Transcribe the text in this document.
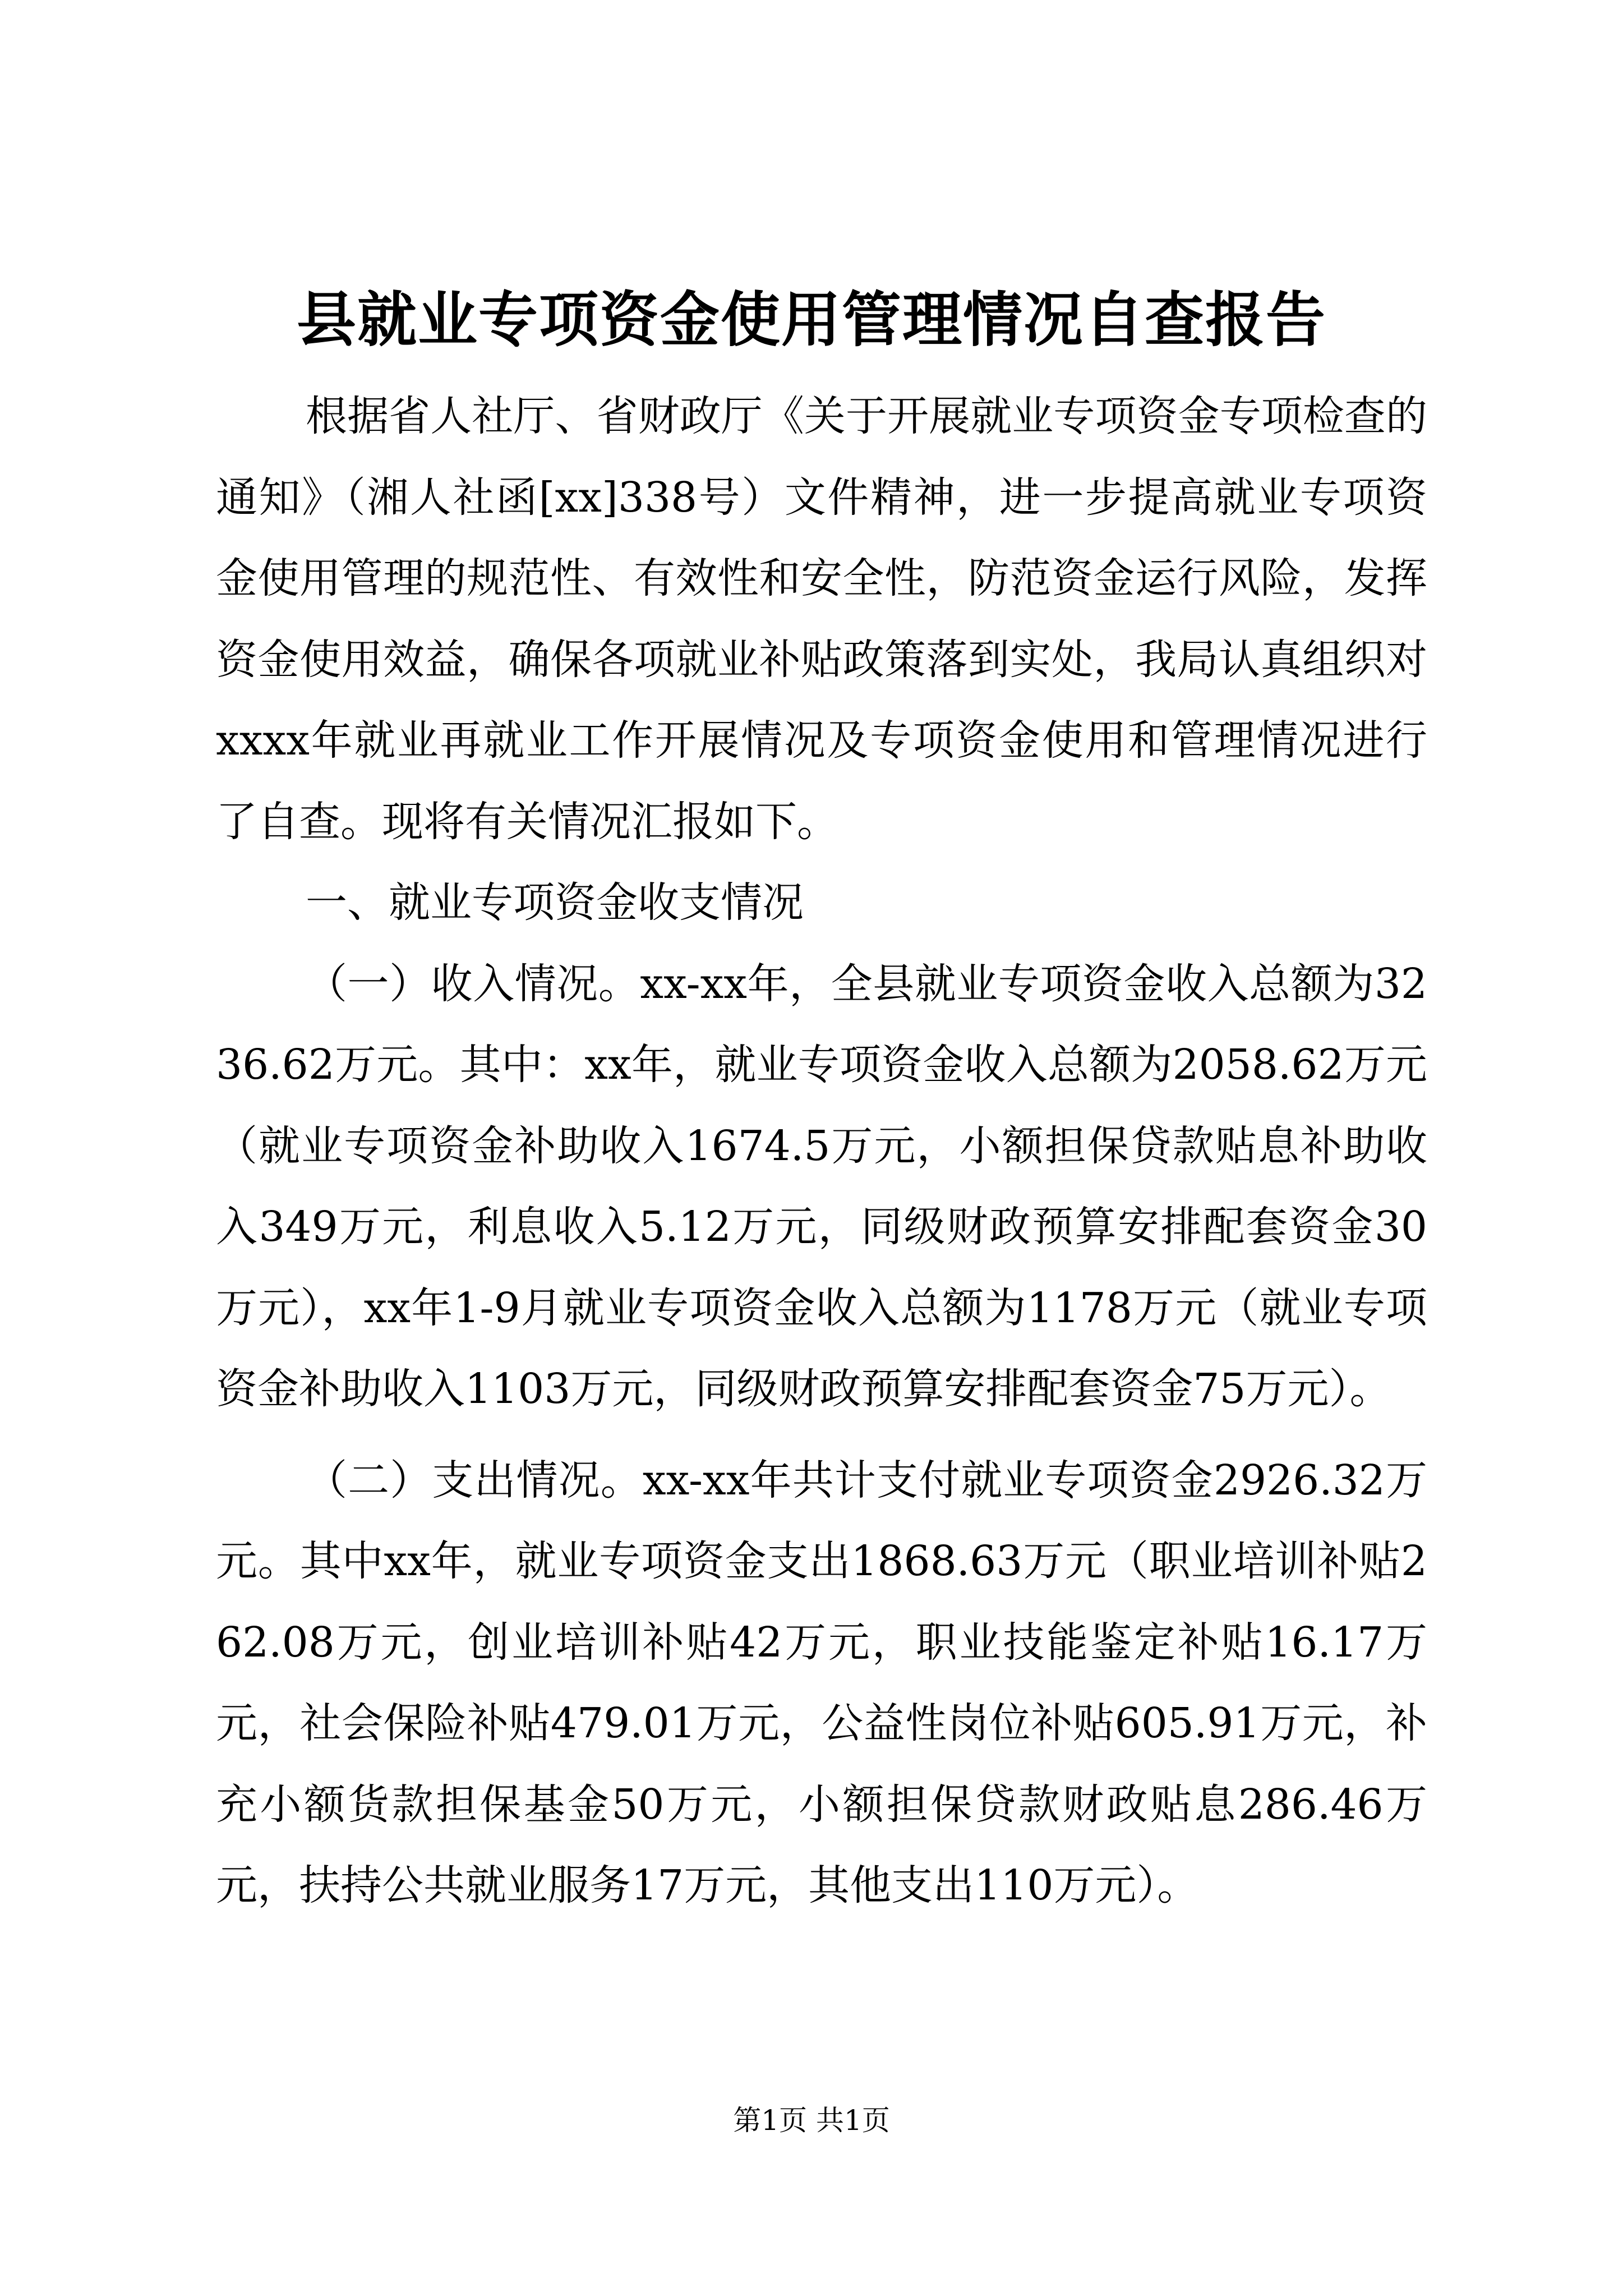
县就业专项资金使用管理情况自查报告

根据省人社厅、省财政厅《关于开展就业专项资金专项检查的通知》（湘人社函[xx]338号）文件精神，进一步提高就业专项资金使用管理的规范性、有效性和安全性，防范资金运行风险，发挥资金使用效益，确保各项就业补贴政策落到实处，我局认真组织对xxxx年就业再就业工作开展情况及专项资金使用和管理情况进行了自查。现将有关情况汇报如下。

一、就业专项资金收支情况

（一）收入情况。xx-xx年，全县就业专项资金收入总额为3236.62万元。其中：xx年，就业专项资金收入总额为2058.62万元（就业专项资金补助收入1674.5万元，小额担保贷款贴息补助收入349万元，利息收入5.12万元，同级财政预算安排配套资金30万元），xx年1-9月就业专项资金收入总额为1178万元（就业专项资金补助收入1103万元，同级财政预算安排配套资金75万元）。

（二）支出情况。xx-xx年共计支付就业专项资金2926.32万元。其中xx年，就业专项资金支出1868.63万元（职业培训补贴262.08万元，创业培训补贴42万元，职业技能鉴定补贴16.17万元，社会保险补贴479.01万元，公益性岗位补贴605.91万元，补充小额货款担保基金50万元，小额担保贷款财政贴息286.46万元，扶持公共就业服务17万元，其他支出110万元）。

第1页 共1页
